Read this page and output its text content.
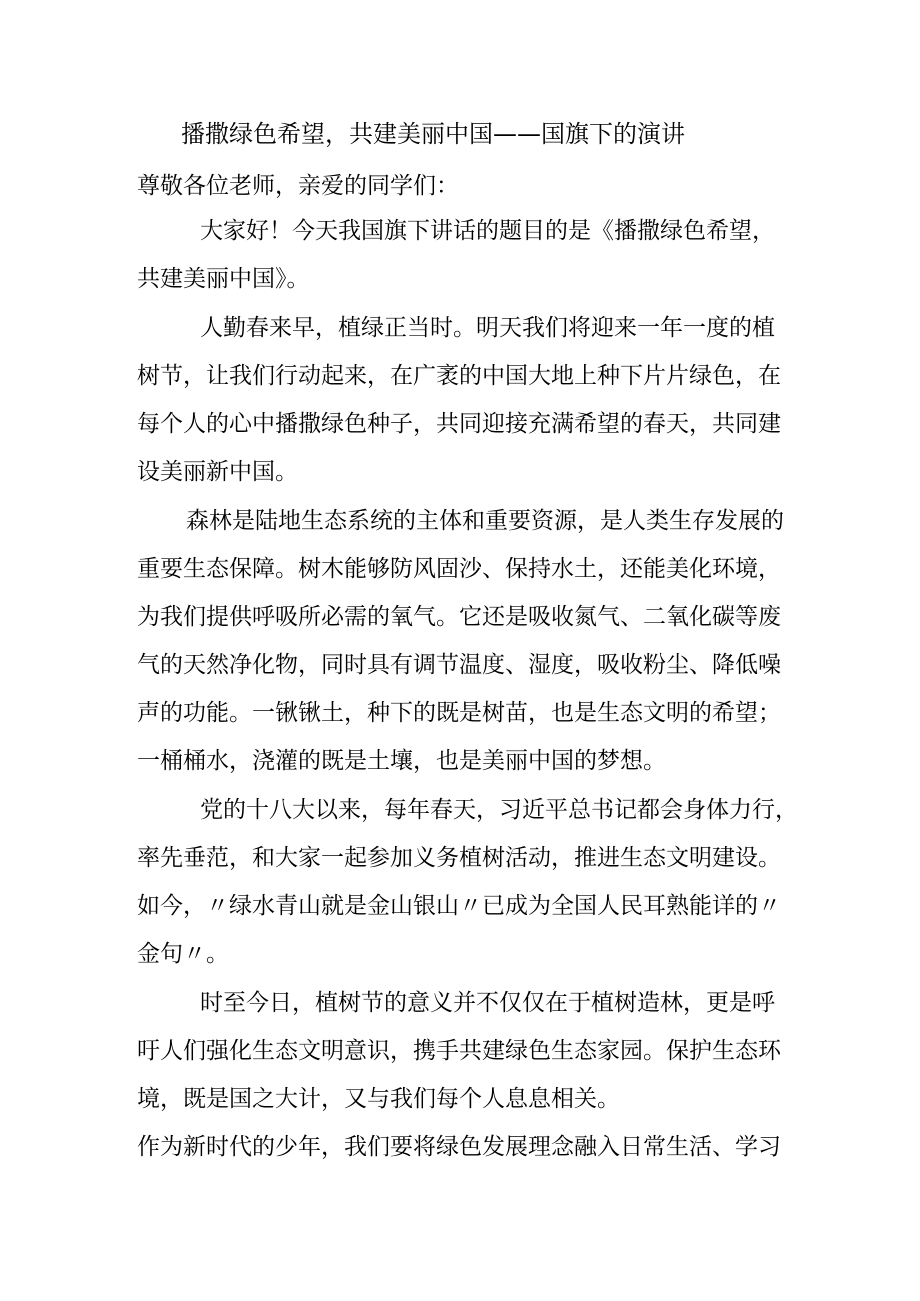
播撒绿色希望，共建美丽中国——国旗下的演讲
尊敬各位老师，亲爱的同学们：
大家好！今天我国旗下讲话的题目的是《播撒绿色希望，
共建美丽中国》。
人勤春来早，植绿正当时。明天我们将迎来一年一度的植
树节，让我们行动起来，在广袤的中国大地上种下片片绿色，在
每个人的心中播撒绿色种子，共同迎接充满希望的春天，共同建
设美丽新中国。
森林是陆地生态系统的主体和重要资源，是人类生存发展的
重要生态保障。树木能够防风固沙、保持水土，还能美化环境，
为我们提供呼吸所必需的氧气。它还是吸收氮气、二氧化碳等废
气的天然净化物，同时具有调节温度、湿度，吸收粉尘、降低噪
声的功能。一锹锹土，种下的既是树苗，也是生态文明的希望；
一桶桶水，浇灌的既是土壤，也是美丽中国的梦想。
党的十八大以来，每年春天，习近平总书记都会身体力行，
率先垂范，和大家一起参加义务植树活动，推进生态文明建设。
如今，〃绿水青山就是金山银山〃已成为全国人民耳熟能详的〃
金句〃。
时至今日，植树节的意义并不仅仅在于植树造林，更是呼
吁人们强化生态文明意识，携手共建绿色生态家园。保护生态环
境，既是国之大计，又与我们每个人息息相关。
作为新时代的少年，我们要将绿色发展理念融入日常生活、学习
